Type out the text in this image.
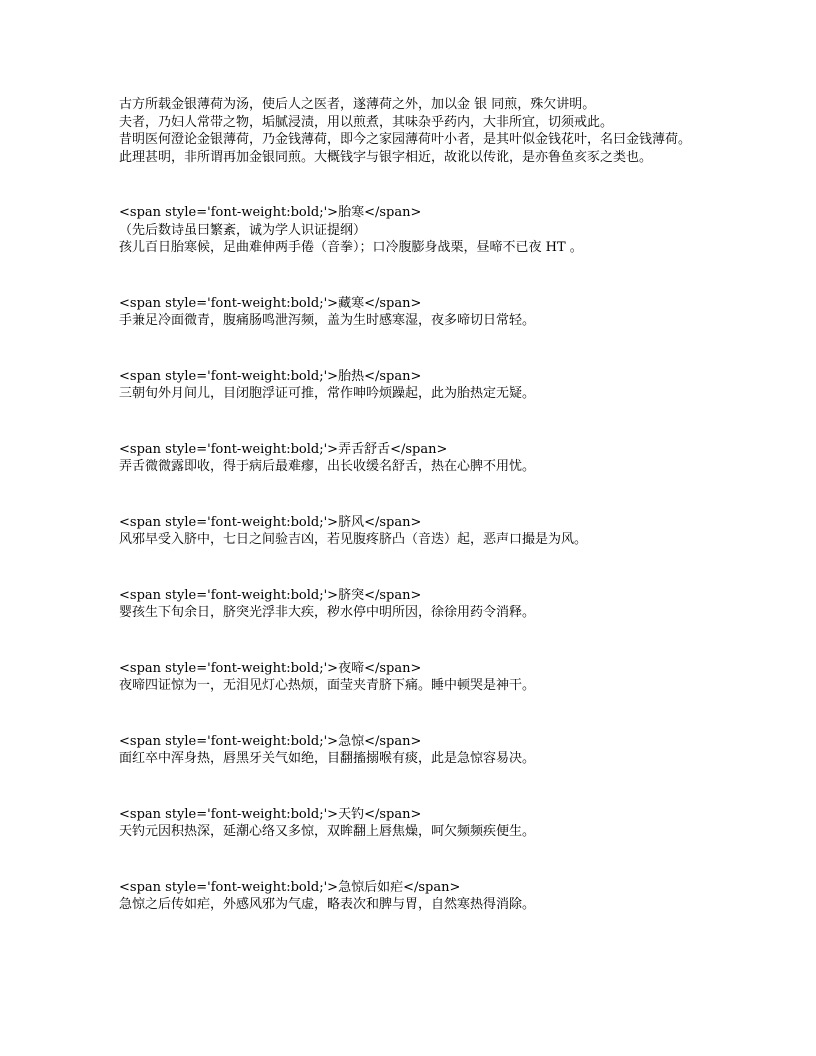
古方所载金银薄荷为汤，使后人之医者，遂薄荷之外，加以金 银 同煎，殊欠讲明。

夫者，乃妇人常带之物，垢腻浸渍，用以煎煮，其味杂乎药内，大非所宜，切须戒此。

昔明医何澄论金银薄荷，乃金钱薄荷，即今之家园薄荷叶小者，是其叶似金钱花叶，名曰金钱薄荷。此理甚明，非所谓再加金银同煎。大概钱字与银字相近，故讹以传讹，是亦鲁鱼亥豕之类也。

<span style='font-weight:bold;'>胎寒</span>

（先后数诗虽曰繁紊，诚为学人识证提纲）

孩儿百日胎寒候，足曲难伸两手倦（音拳）；口冷腹膨身战栗，昼啼不已夜 HT 。

<span style='font-weight:bold;'>藏寒</span>

手兼足冷面微青，腹痛肠鸣泄泻频，盖为生时感寒湿，夜多啼切日常轻。

<span style='font-weight:bold;'>胎热</span>

三朝旬外月间儿，目闭胞浮证可推，常作呻吟烦躁起，此为胎热定无疑。

<span style='font-weight:bold;'>弄舌舒舌</span>

弄舌微微露即收，得于病后最难瘳，出长收缓名舒舌，热在心脾不用忧。

<span style='font-weight:bold;'>脐风</span>

风邪早受入脐中，七日之间验吉凶，若见腹疼脐凸（音迭）起，恶声口撮是为风。

<span style='font-weight:bold;'>脐突</span>

婴孩生下旬余日，脐突光浮非大疾，秽水停中明所因，徐徐用药令消释。

<span style='font-weight:bold;'>夜啼</span>

夜啼四证惊为一，无泪见灯心热烦，面莹夹青脐下痛。睡中顿哭是神干。

<span style='font-weight:bold;'>急惊</span>

面红卒中浑身热，唇黑牙关气如绝，目翻搐搦喉有痰，此是急惊容易决。

<span style='font-weight:bold;'>天钓</span>

天钓元因积热深，延潮心络又多惊，双眸翻上唇焦燥，呵欠频频疾便生。

<span style='font-weight:bold;'>急惊后如疟</span>

急惊之后传如疟，外感风邪为气虚，略表次和脾与胃，自然寒热得消除。
